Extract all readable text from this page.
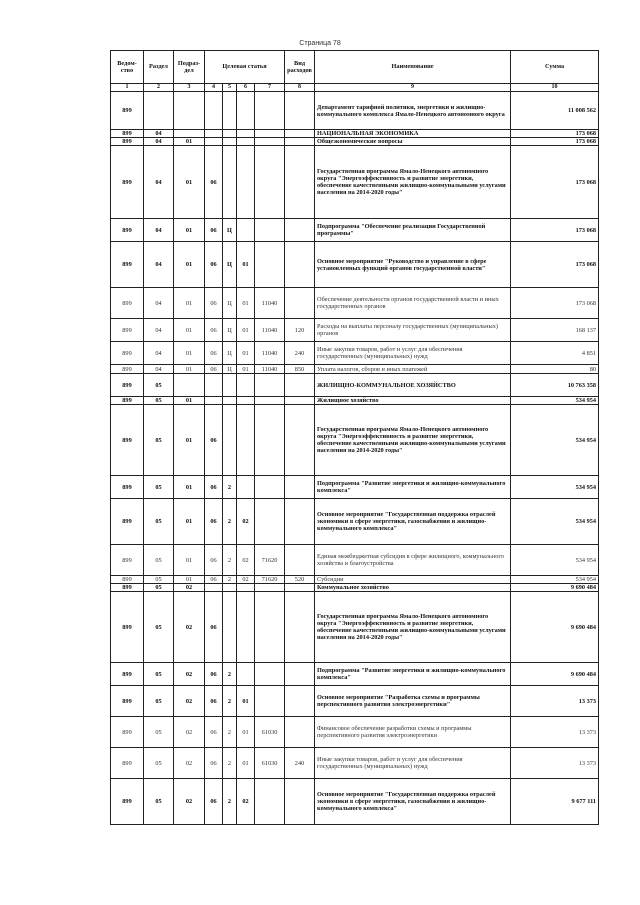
Страница 78
Ведом-ство	Раздел	Подраз-дел	Целевая статья				Вид расходов	Наименование	Сумма
1	2	3	4	5	6	7	8	9	10
899								Департамент тарифной политики, энергетики и жилищно-коммунального комплекса Ямало-Ненецкого автономного округа	11 008 562
899	04							НАЦИОНАЛЬНАЯ ЭКОНОМИКА	173 068
899	04	01						Общеэкономические вопросы	173 068
899	04	01	06					Государственная программа Ямало-Ненецкого автономного округа "Энергоэффективность и развитие энергетики, обеспечение качественными жилищно-коммунальными услугами населения на 2014-2020 годы"	173 068
899	04	01	06	Ц				Подпрограмма "Обеспечение реализации Государственной программы"	173 068
899	04	01	06	Ц	01			Основное мероприятие "Руководство и управление в сфере установленных функций органов государственной власти"	173 068
899	04	01	06	Ц	01	11040		Обеспечение деятельности органов государственной власти и иных государственных органов	173 068
899	04	01	06	Ц	01	11040	120	Расходы на выплаты персоналу государственных (муниципальных) органов	168 137
899	04	01	06	Ц	01	11040	240	Иные закупки товаров, работ и услуг для обеспечения государственных (муниципальных) нужд	4 851
899	04	01	06	Ц	01	11040	850	Уплата налогов, сборов и иных платежей	80
899	05							ЖИЛИЩНО-КОММУНАЛЬНОЕ ХОЗЯЙСТВО	10 763 358
899	05	01						Жилищное хозяйство	534 954
899	05	01	06					Государственная программа Ямало-Ненецкого автономного округа "Энергоэффективность и развитие энергетики, обеспечение качественными жилищно-коммунальными услугами населения на 2014-2020 годы"	534 954
899	05	01	06	2				Подпрограмма "Развитие энергетики и жилищно-коммунального комплекса"	534 954
899	05	01	06	2	02			Основное мероприятие "Государственная поддержка отраслей экономики в сфере энергетики, газоснабжения и жилищно-коммунального комплекса"	534 954
899	05	01	06	2	02	71620		Единая межбюджетная субсидия в сфере жилищного, коммунального хозяйства и благоустройства	534 954
899	05	01	06	2	02	71620	520	Субсидии	534 954
899	05	02						Коммунальное хозяйство	9 690 484
899	05	02	06					Государственная программа Ямало-Ненецкого автономного округа "Энергоэффективность и развитие энергетики, обеспечение качественными жилищно-коммунальными услугами населения на 2014-2020 годы"	9 690 484
899	05	02	06	2				Подпрограмма "Развитие энергетики и жилищно-коммунального комплекса"	9 690 484
899	05	02	06	2	01			Основное мероприятие "Разработка схемы и программы перспективного развития электроэнергетики"	13 373
899	05	02	06	2	01	61030		Финансовое обеспечение разработки схемы и программы перспективного развития электроэнергетики	13 373
899	05	02	06	2	01	61030	240	Иные закупки товаров, работ и услуг для обеспечения государственных (муниципальных) нужд	13 373
899	05	02	06	2	02			Основное мероприятие "Государственная поддержка отраслей экономики в сфере энергетики, газоснабжения и жилищно-коммунального комплекса"	9 677 111
